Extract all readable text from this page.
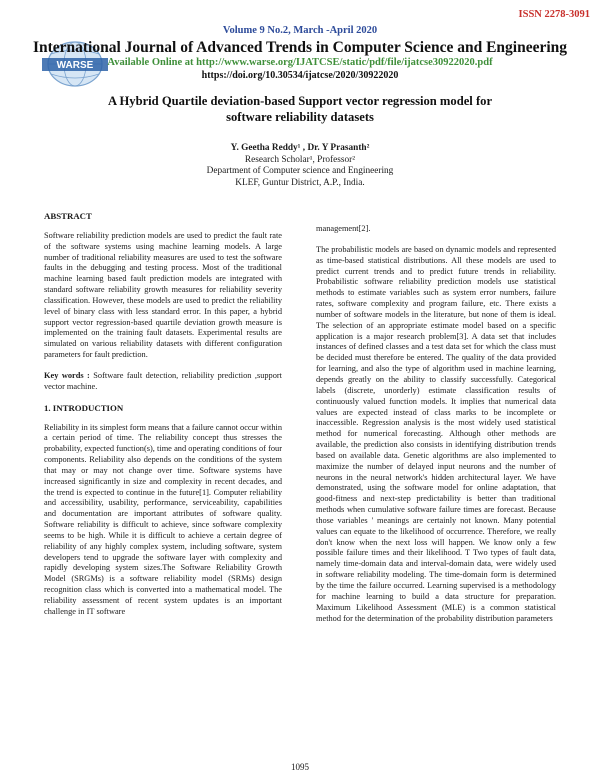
ISSN 2278-3091
Volume 9 No.2, March -April 2020
WARSE
International Journal of Advanced Trends in Computer Science and Engineering
Available Online at http://www.warse.org/IJATCSE/static/pdf/file/ijatcse30922020.pdf
https://doi.org/10.30534/ijatcse/2020/30922020
A Hybrid Quartile deviation-based Support vector regression model for software reliability datasets
Y. Geetha Reddy¹ , Dr. Y Prasanth²
Research Scholar¹, Professor²
Department of Computer science and Engineering
KLEF, Guntur District, A.P., India.
ABSTRACT

Software reliability prediction models are used to predict the fault rate of the software systems using machine learning models. A large number of traditional reliability measures are used to test the software faults in the debugging and testing process. Most of the traditional machine learning based fault prediction models are integrated with standard software reliability growth measures for reliability severity classification. However, these models are used to predict the reliability level of binary class with less standard error. In this paper, a hybrid support vector regression-based quartile deviation growth measure is implemented on the training fault datasets. Experimental results are simulated on various reliability datasets with different configuration parameters for fault prediction.

Key words : Software fault detection, reliability prediction ,support vector machine.

1. INTRODUCTION

Reliability in its simplest form means that a failure cannot occur within a certain period of time. The reliability concept thus stresses the probability, expected function(s), time and operating conditions of four components. Reliability also depends on the conditions of the system that may or may not change over time. Software systems have increased significantly in size and complexity in recent decades, and the trend is expected to continue in the future[1]. Computer reliability and accessibility, usability, performance, serviceability, capabilities and documentation are important attributes of software quality. Software reliability is difficult to achieve, since software complexity seems to be high. While it is difficult to achieve a certain degree of reliability of any highly complex system, including software, system developers tend to upgrade the software layer with complexity and rapidly developing system sizes.The Software Reliability Growth Model (SRGMs) is a software reliability model (SRMs) design recognition class which is converted into a mathematical model. The reliability assessment of recent system updates is an important challenge in IT software

management[2].

The probabilistic models are based on dynamic models and represented as time-based statistical distributions. All these models are used to predict current trends and to predict future trends in reliability. Probabilistic software reliability prediction models use statistical methods to estimate variables such as system error numbers, failure rates, software complexity and program failure, etc. There exists a number of software models in the literature, but none of them is ideal. The selection of an appropriate estimate model based on a specific application is a major research problem[3]. A data set that includes instances of defined classes and a test data set for which the class must be decided must therefore be entered. The quality of the data provided for learning, and also the type of algorithm used in machine learning, depends greatly on the ability to classify successfully. Categorical labels (discrete, unorderly) estimate classification results of continuously valued function models. It implies that numerical data values are expected instead of class marks to be incomplete or inaccessible. Regression analysis is the most widely used statistical method for numerical forecasting. Although other methods are available, the prediction also consists in identifying distribution trends based on available data. Genetic algorithms are also implemented to maximize the number of delayed input neurons and the number of neurons in the neural network's hidden architectural layer. We have demonstrated, using the software model for online adaptation, that good-fitness and next-step predictability is better than traditional methods when cumulative software failure times are forecast. Because those variables ' meanings are certainly not known. Many potential values can equate to the likelihood of occurrence. Therefore, we really don't know when the next loss will happen. We know only a few possible failure times and their likelihood. T Two types of fault data, namely time-domain data and interval-domain data, were widely used in software reliability modeling. The time-domain form is determined by the time the failure occurred. Learning supervised is a methodology for machine learning to build a data structure for preparation. Maximum Likelihood Assessment (MLE) is a common statistical method for the determination of the probability distribution parameters

1095
